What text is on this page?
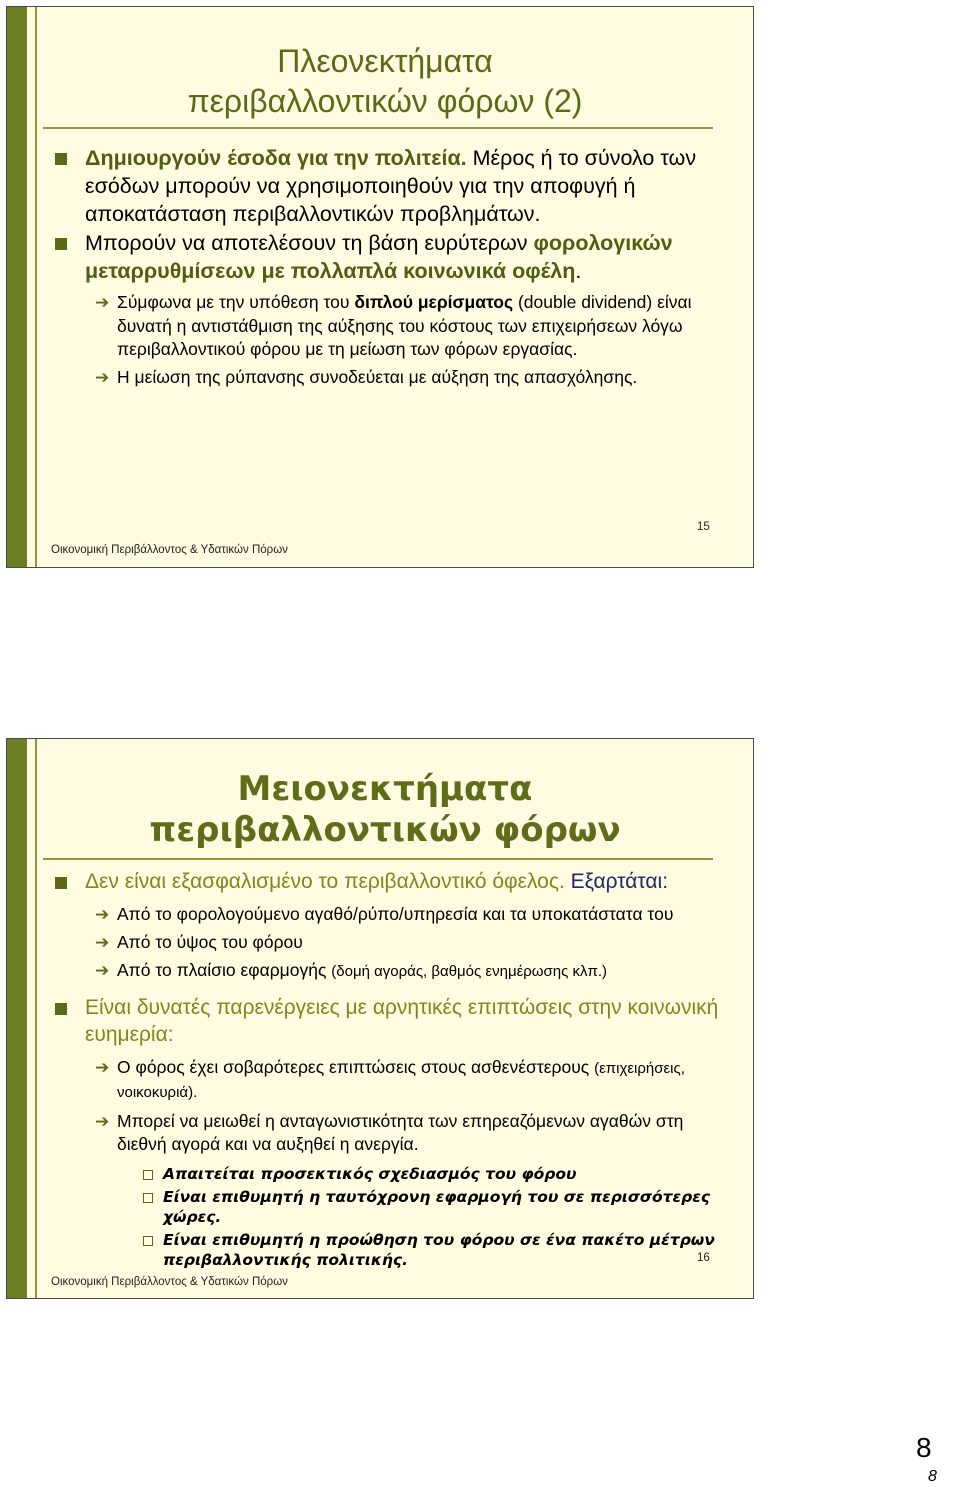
Πλεονεκτήματα
περιβαλλοντικών φόρων (2)
Δημιουργούν έσοδα για την πολιτεία. Μέρος ή το σύνολο των εσόδων μπορούν να χρησιμοποιηθούν για την αποφυγή ή αποκατάσταση περιβαλλοντικών προβλημάτων.
Μπορούν να αποτελέσουν τη βάση ευρύτερων φορολογικών μεταρρυθμίσεων με πολλαπλά κοινωνικά οφέλη.
➔ Σύμφωνα με την υπόθεση του διπλού μερίσματος (double dividend) είναι δυνατή η αντιστάθμιση της αύξησης του κόστους των επιχειρήσεων λόγω περιβαλλοντικού φόρου με τη μείωση των φόρων εργασίας.
➔ Η μείωση της ρύπανσης συνοδεύεται με αύξηση της απασχόλησης.
Οικονομική Περιβάλλοντος & Υδατικών Πόρων
15
Μειονεκτήματα
περιβαλλοντικών φόρων
Δεν είναι εξασφαλισμένο το περιβαλλοντικό όφελος. Εξαρτάται:
➔ Από το φορολογούμενο αγαθό/ρύπο/υπηρεσία και τα υποκατάστατα του
➔ Από το ύψος του φόρου
➔ Από το πλαίσιο εφαρμογής (δομή αγοράς, βαθμός ενημέρωσης κλπ.)
Είναι δυνατές παρενέργειες με αρνητικές επιπτώσεις στην κοινωνική ευημερία:
➔ Ο φόρος έχει σοβαρότερες επιπτώσεις στους ασθενέστερους (επιχειρήσεις, νοικοκυριά).
➔ Μπορεί να μειωθεί η ανταγωνιστικότητα των επηρεαζόμενων αγαθών στη διεθνή αγορά και να αυξηθεί η ανεργία.
Απαιτείται προσεκτικός σχεδιασμός του φόρου
Είναι επιθυμητή η ταυτόχρονη εφαρμογή του σε περισσότερες χώρες.
Είναι επιθυμητή η προώθηση του φόρου σε ένα πακέτο μέτρων περιβαλλοντικής πολιτικής.
Οικονομική Περιβάλλοντος & Υδατικών Πόρων
16
8
8
